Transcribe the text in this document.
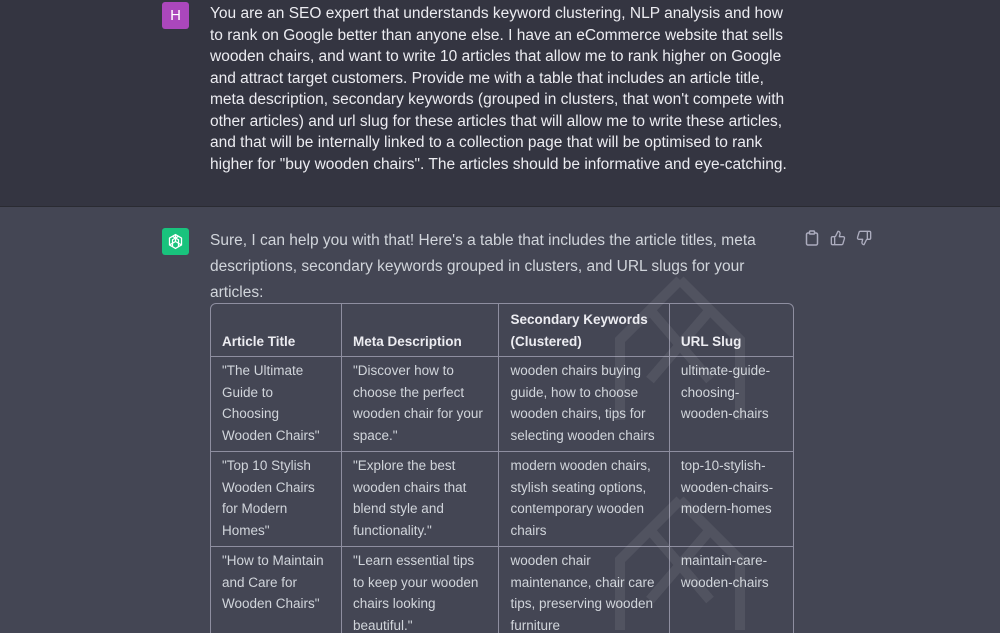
H	You are an SEO expert that understands keyword clustering, NLP analysis and how to rank on Google better than anyone else. I have an eCommerce website that sells wooden chairs, and want to write 10 articles that allow me to rank higher on Google and attract target customers. Provide me with a table that includes an article title, meta description, secondary keywords (grouped in clusters, that won't compete with other articles) and url slug for these articles that will allow me to write these articles, and that will be internally linked to a collection page that will be optimised to rank higher for "buy wooden chairs". The articles should be informative and eye-catching.
Sure, I can help you with that! Here's a table that includes the article titles, meta descriptions, secondary keywords grouped in clusters, and URL slugs for your articles:
Article Title	Meta Description	Secondary Keywords (Clustered)	URL Slug
"The Ultimate Guide to Choosing Wooden Chairs"	"Discover how to choose the perfect wooden chair for your space."	wooden chairs buying guide, how to choose wooden chairs, tips for selecting wooden chairs	ultimate-guide-choosing-wooden-chairs
"Top 10 Stylish Wooden Chairs for Modern Homes"	"Explore the best wooden chairs that blend style and functionality."	modern wooden chairs, stylish seating options, contemporary wooden chairs	top-10-stylish-wooden-chairs-modern-homes
"How to Maintain and Care for Wooden Chairs"	"Learn essential tips to keep your wooden chairs looking beautiful."	wooden chair maintenance, chair care tips, preserving wooden furniture	maintain-care-wooden-chairs
